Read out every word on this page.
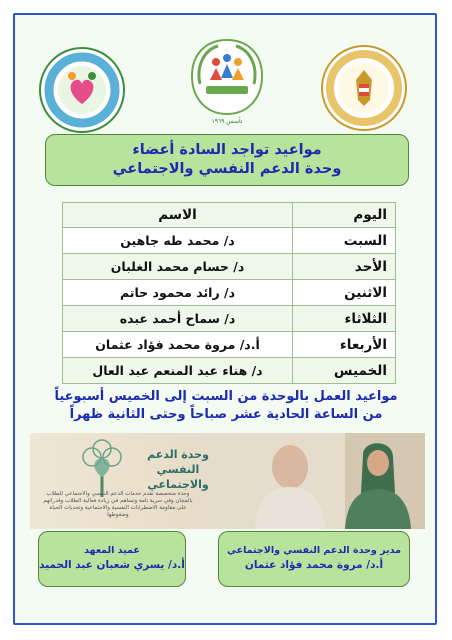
تأسس ١٩٦٩
مواعيد تواجد السادة أعضاء
وحدة الدعم النفسي والاجتماعي
اليوم	الاسم
السبت	د/ محمد طه جاهين
الأحد	د/ حسام محمد الغلبان
الاثنين	د/ رائد محمود حاتم
الثلاثاء	د/ سماح أحمد عبده
الأربعاء	أ.د/ مروة محمد فؤاد عثمان
الخميس	د/ هناء عبد المنعم عبد العال
مواعيد العمل بالوحدة من السبت إلى الخميس أسبوعياً
من الساعة الحادية عشر صباحاً وحتى الثانية ظهراً
وحدة الدعم
النفسي والاجتماعي
وحدة متخصصة تقدم خدمات الدعم النفسي والاجتماعي للطلاب بالمجان وفي سرية تامة وتساهم في زيادة فعالية الطلاب وقدراتهم على مقاومة الاضطرابات النفسية والاجتماعية وتحديات الحياة وضغوطها
عميد المعهد
أ.د/ يسري شعبان عبد الحميد
مدير وحدة الدعم النفسي والاجتماعي
أ.د/ مروة محمد فؤاد عثمان
